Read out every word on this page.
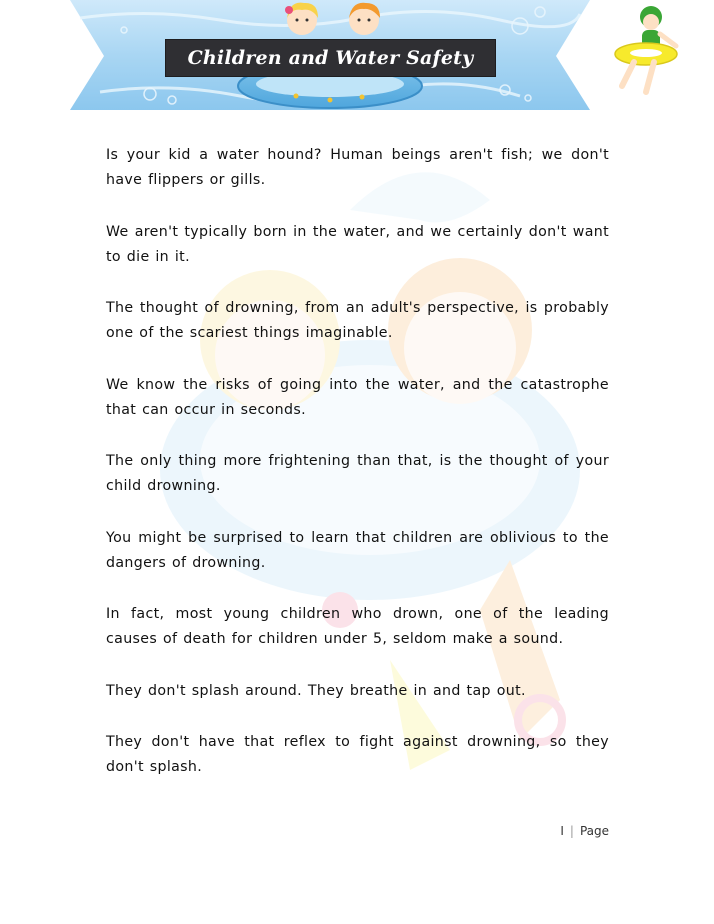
Children and Water Safety

Is your kid a water hound? Human beings aren't fish; we don't have flippers or gills.

We aren't typically born in the water, and we certainly don't want to die in it.

The thought of drowning, from an adult's perspective, is probably one of the scariest things imaginable.

We know the risks of going into the water, and the catastrophe that can occur in seconds.

The only thing more frightening than that, is the thought of your child drowning.

You might be surprised to learn that children are oblivious to the dangers of drowning.

In fact, most young children who drown, one of the leading causes of death for children under 5, seldom make a sound.

They don't splash around. They breathe in and tap out.

They don't have that reflex to fight against drowning, so they don't splash.

I | Page
